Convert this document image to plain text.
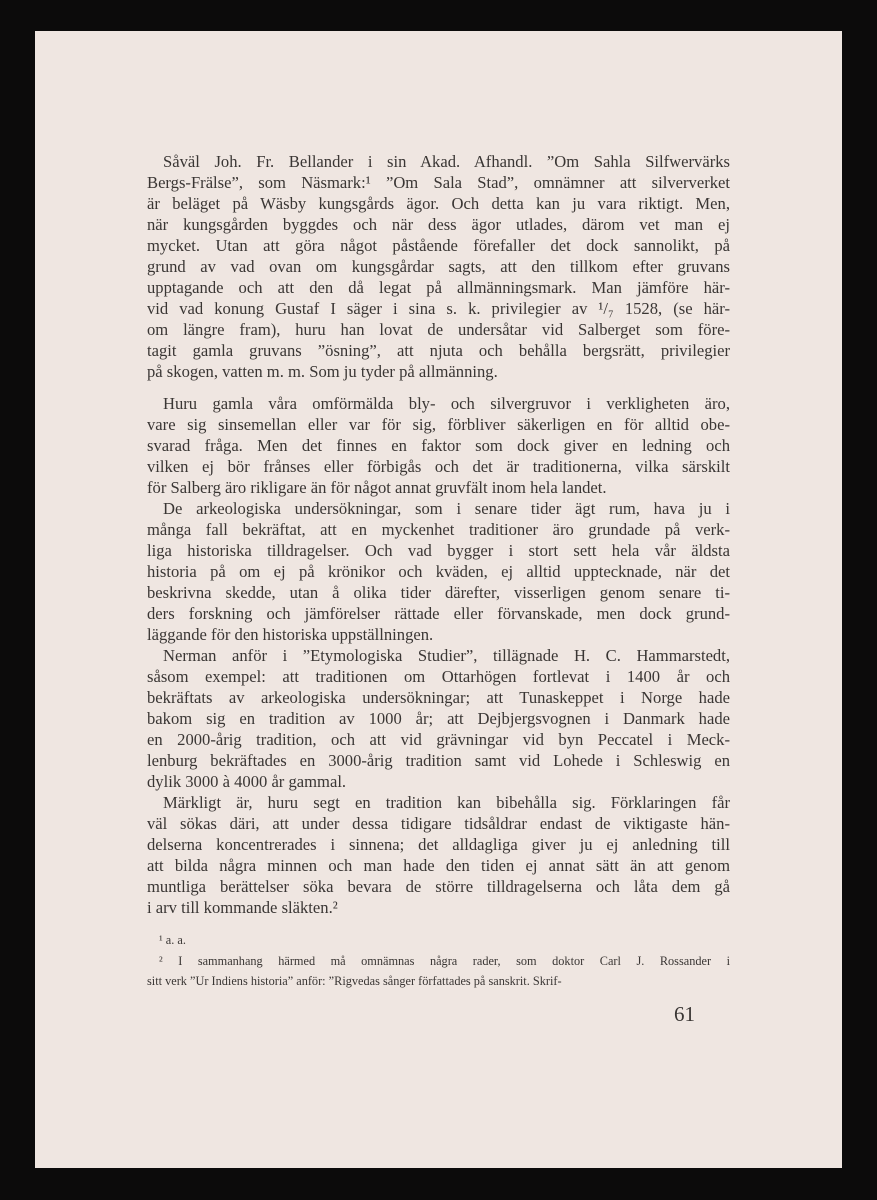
Såväl Joh. Fr. Bellander i sin Akad. Afhandl. ”Om Sahla Silfwervärks
Bergs-Frälse”, som Näsmark:¹ ”Om Sala Stad”, omnämner att silververket
är beläget på Wäsby kungsgårds ägor. Och detta kan ju vara riktigt. Men,
när kungsgården byggdes och när dess ägor utlades, därom vet man ej
mycket. Utan att göra något påstående förefaller det dock sannolikt, på
grund av vad ovan om kungsgårdar sagts, att den tillkom efter gruvans
upptagande och att den då legat på allmänningsmark. Man jämföre här-
vid vad konung Gustaf I säger i sina s. k. privilegier av ¹/₇ 1528, (se här-
om längre fram), huru han lovat de undersåtar vid Salberget som före-
tagit gamla gruvans ”ösning”, att njuta och behålla bergsrätt, privilegier
på skogen, vatten m. m. Som ju tyder på allmänning.
Huru gamla våra omförmälda bly- och silvergruvor i verkligheten äro,
vare sig sinsemellan eller var för sig, förbliver säkerligen en för alltid obe-
svarad fråga. Men det finnes en faktor som dock giver en ledning och
vilken ej bör frånses eller förbigås och det är traditionerna, vilka särskilt
för Salberg äro rikligare än för något annat gruvfält inom hela landet.
De arkeologiska undersökningar, som i senare tider ägt rum, hava ju i
många fall bekräftat, att en myckenhet traditioner äro grundade på verk-
liga historiska tilldragelser. Och vad bygger i stort sett hela vår äldsta
historia på om ej på krönikor och kväden, ej alltid upptecknade, när det
beskrivna skedde, utan å olika tider därefter, visserligen genom senare ti-
ders forskning och jämförelser rättade eller förvanskade, men dock grund-
läggande för den historiska uppställningen.
Nerman anför i ”Etymologiska Studier”, tillägnade H. C. Hammarstedt,
såsom exempel: att traditionen om Ottarhögen fortlevat i 1400 år och
bekräftats av arkeologiska undersökningar; att Tunaskeppet i Norge hade
bakom sig en tradition av 1000 år; att Dejbjergsvognen i Danmark hade
en 2000-årig tradition, och att vid grävningar vid byn Peccatel i Meck-
lenburg bekräftades en 3000-årig tradition samt vid Lohede i Schleswig en
dylik 3000 à 4000 år gammal.
Märkligt är, huru segt en tradition kan bibehålla sig. Förklaringen får
väl sökas däri, att under dessa tidigare tidsåldrar endast de viktigaste hän-
delserna koncentrerades i sinnena; det alldagliga giver ju ej anledning till
att bilda några minnen och man hade den tiden ej annat sätt än att genom
muntliga berättelser söka bevara de större tilldragelserna och låta dem gå
i arv till kommande släkten.²
¹ a. a.
² I sammanhang härmed må omnämnas några rader, som doktor Carl J. Rossander i
sitt verk ”Ur Indiens historia” anför: ”Rigvedas sånger författades på sanskrit. Skrif-
61
